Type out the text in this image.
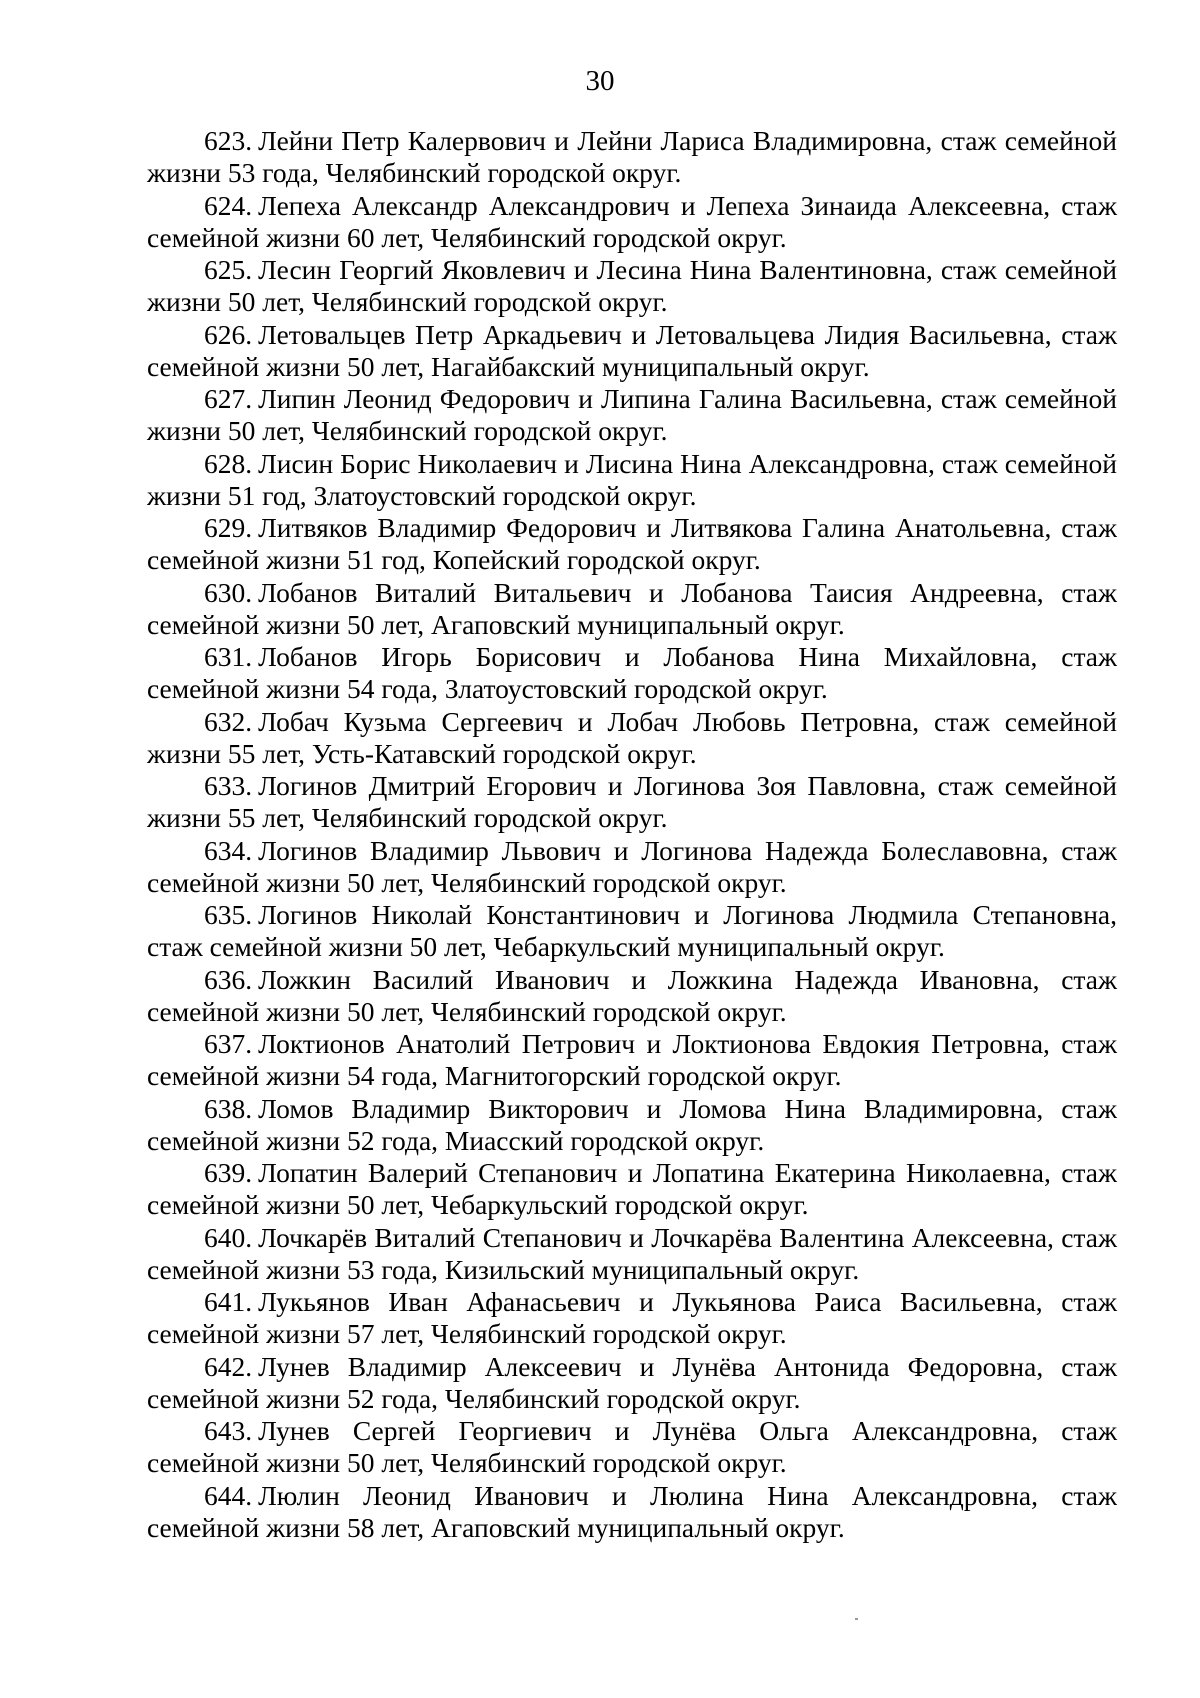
30

623. Лейни Петр Калервович и Лейни Лариса Владимировна, стаж семейной жизни 53 года, Челябинский городской округ.

624. Лепеха Александр Александрович и Лепеха Зинаида Алексеевна, стаж семейной жизни 60 лет, Челябинский городской округ.

625. Лесин Георгий Яковлевич и Лесина Нина Валентиновна, стаж семейной жизни 50 лет, Челябинский городской округ.

626. Летовальцев Петр Аркадьевич и Летовальцева Лидия Васильевна, стаж семейной жизни 50 лет, Нагайбакский муниципальный округ.

627. Липин Леонид Федорович и Липина Галина Васильевна, стаж семейной жизни 50 лет, Челябинский городской округ.

628. Лисин Борис Николаевич и Лисина Нина Александровна, стаж семейной жизни 51 год, Златоустовский городской округ.

629. Литвяков Владимир Федорович и Литвякова Галина Анатольевна, стаж семейной жизни 51 год, Копейский городской округ.

630. Лобанов Виталий Витальевич и Лобанова Таисия Андреевна, стаж семейной жизни 50 лет, Агаповский муниципальный округ.

631. Лобанов Игорь Борисович и Лобанова Нина Михайловна, стаж семейной жизни 54 года, Златоустовский городской округ.

632. Лобач Кузьма Сергеевич и Лобач Любовь Петровна, стаж семейной жизни 55 лет, Усть-Катавский городской округ.

633. Логинов Дмитрий Егорович и Логинова Зоя Павловна, стаж семейной жизни 55 лет, Челябинский городской округ.

634. Логинов Владимир Львович и Логинова Надежда Болеславовна, стаж семейной жизни 50 лет, Челябинский городской округ.

635. Логинов Николай Константинович и Логинова Людмила Степановна, стаж семейной жизни 50 лет, Чебаркульский муниципальный округ.

636. Ложкин Василий Иванович и Ложкина Надежда Ивановна, стаж семейной жизни 50 лет, Челябинский городской округ.

637. Локтионов Анатолий Петрович и Локтионова Евдокия Петровна, стаж семейной жизни 54 года, Магнитогорский городской округ.

638. Ломов Владимир Викторович и Ломова Нина Владимировна, стаж семейной жизни 52 года, Миасский городской округ.

639. Лопатин Валерий Степанович и Лопатина Екатерина Николаевна, стаж семейной жизни 50 лет, Чебаркульский городской округ.

640. Лочкарёв Виталий Степанович и Лочкарёва Валентина Алексеевна, стаж семейной жизни 53 года, Кизильский муниципальный округ.

641. Лукьянов Иван Афанасьевич и Лукьянова Раиса Васильевна, стаж семейной жизни 57 лет, Челябинский городской округ.

642. Лунев Владимир Алексеевич и Лунёва Антонида Федоровна, стаж семейной жизни 52 года, Челябинский городской округ.

643. Лунев Сергей Георгиевич и Лунёва Ольга Александровна, стаж семейной жизни 50 лет, Челябинский городской округ.

644. Люлин Леонид Иванович и Люлина Нина Александровна, стаж семейной жизни 58 лет, Агаповский муниципальный округ.
